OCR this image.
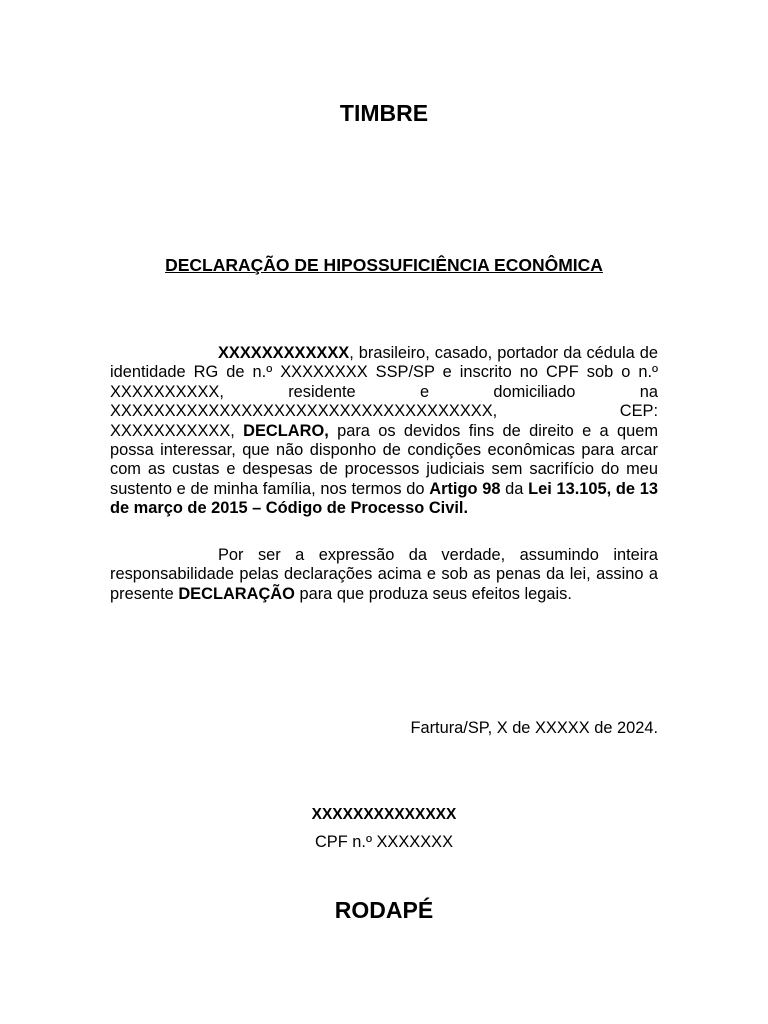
TIMBRE
DECLARAÇÃO DE HIPOSSUFICIÊNCIA ECONÔMICA
XXXXXXXXXXXX, brasileiro, casado, portador da cédula de identidade RG de n.º XXXXXXXX SSP/SP e inscrito no CPF sob o n.º XXXXXXXXXX, residente e domiciliado na XXXXXXXXXXXXXXXXXXXXXXXXXXXXXXXXXXX, CEP: XXXXXXXXXXX, DECLARO, para os devidos fins de direito e a quem possa interessar, que não disponho de condições econômicas para arcar com as custas e despesas de processos judiciais sem sacrifício do meu sustento e de minha família, nos termos do Artigo 98 da Lei 13.105, de 13 de março de 2015 – Código de Processo Civil.
Por ser a expressão da verdade, assumindo inteira responsabilidade pelas declarações acima e sob as penas da lei, assino a presente DECLARAÇÃO para que produza seus efeitos legais.
Fartura/SP, X de XXXXX de 2024.
XXXXXXXXXXXXXX
CPF n.º XXXXXXX
RODAPÉ
